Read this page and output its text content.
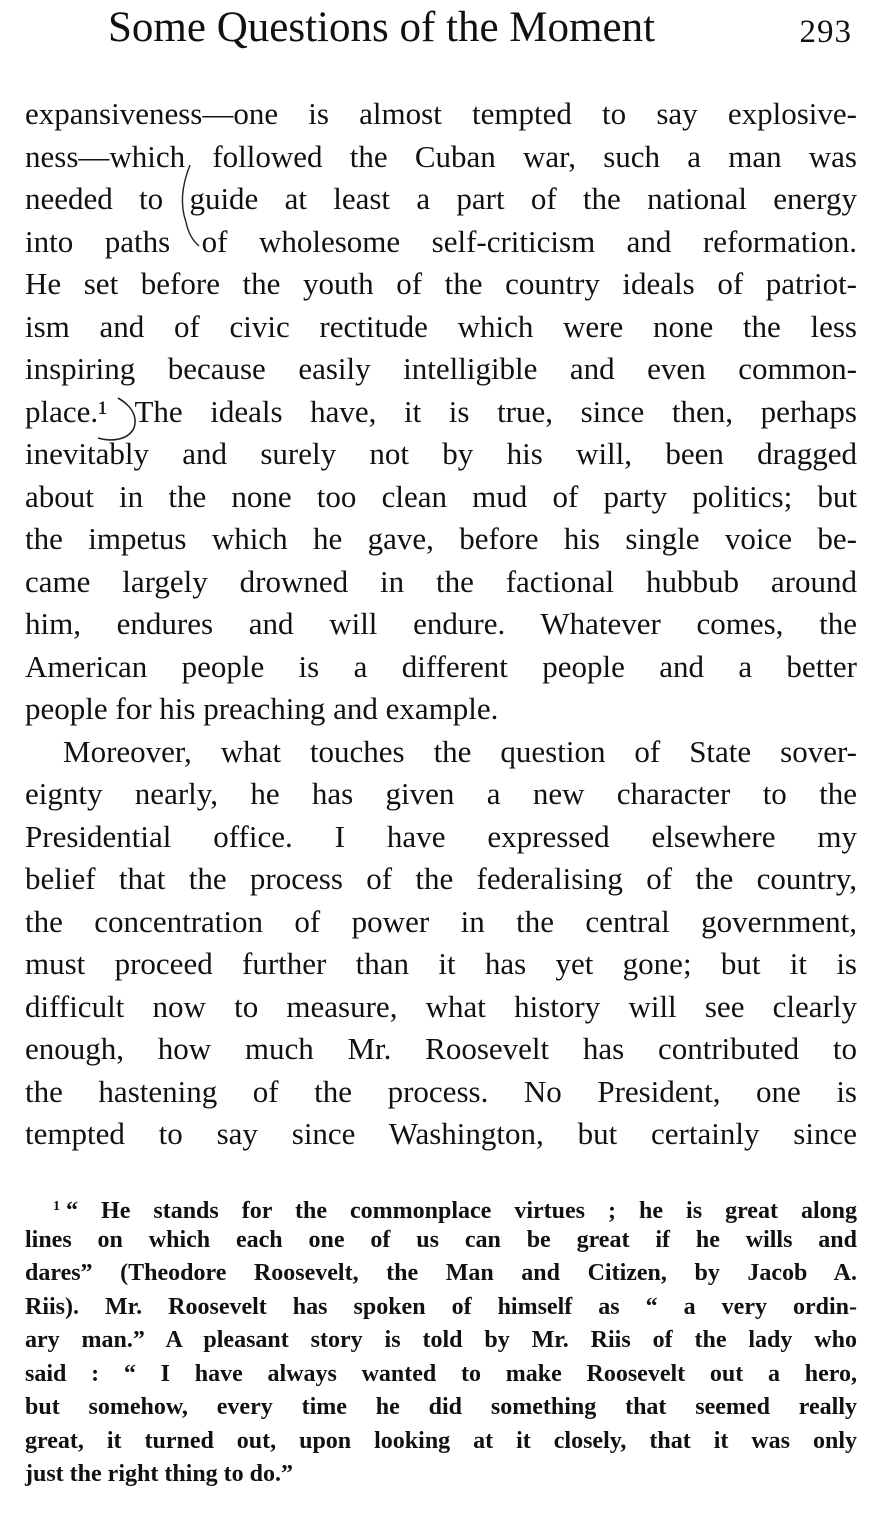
Some Questions of the Moment	293
expansiveness—one is almost tempted to say explosive-
ness—which followed the Cuban war, such a man was
needed to guide at least a part of the national energy
into paths of wholesome self-criticism and reformation.
He set before the youth of the country ideals of patriot-
ism and of civic rectitude which were none the less
inspiring because easily intelligible and even common-
place.¹ The ideals have, it is true, since then, perhaps
inevitably and surely not by his will, been dragged
about in the none too clean mud of party politics; but
the impetus which he gave, before his single voice be-
came largely drowned in the factional hubbub around
him, endures and will endure. Whatever comes, the
American people is a different people and a better
people for his preaching and example.
Moreover, what touches the question of State sover-
eignty nearly, he has given a new character to the
Presidential office. I have expressed elsewhere my
belief that the process of the federalising of the country,
the concentration of power in the central government,
must proceed further than it has yet gone; but it is
difficult now to measure, what history will see clearly
enough, how much Mr. Roosevelt has contributed to
the hastening of the process. No President, one is
tempted to say since Washington, but certainly since
$^1$ “ He stands for the commonplace virtues ; he is great along
lines on which each one of us can be great if he wills and
dares” (Theodore Roosevelt, the Man and Citizen, by Jacob A.
Riis). Mr. Roosevelt has spoken of himself as “ a very ordin-
ary man.” A pleasant story is told by Mr. Riis of the lady who
said : “ I have always wanted to make Roosevelt out a hero,
but somehow, every time he did something that seemed really
great, it turned out, upon looking at it closely, that it was only
just the right thing to do.”
